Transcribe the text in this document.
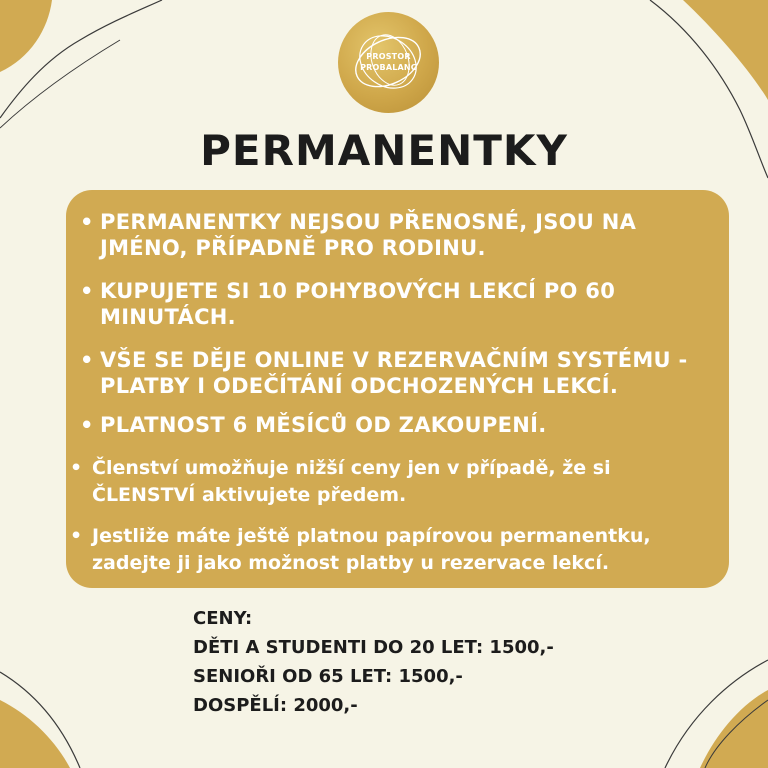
PROSTOR
PROBALANC
PERMANENTKY
• PERMANENTKY NEJSOU PŘENOSNÉ, JSOU NA JMÉNO, PŘÍPADNĚ PRO RODINU.
• KUPUJETE SI 10 POHYBOVÝCH LEKCÍ PO 60 MINUTÁCH.
• VŠE SE DĚJE ONLINE V REZERVAČNÍM SYSTÉMU - PLATBY I ODEČÍTÁNÍ ODCHOZENÝCH LEKCÍ.
• PLATNOST 6 MĚSÍCŮ OD ZAKOUPENÍ.
• Členství umožňuje nižší ceny jen v případě, že si ČLENSTVÍ aktivujete předem.
• Jestliže máte ještě platnou papírovou permanentku, zadejte ji jako možnost platby u rezervace lekcí.
CENY:
DĚTI A STUDENTI DO 20 LET: 1500,-
SENIOŘI OD 65 LET: 1500,-
DOSPĚLÍ: 2000,-
